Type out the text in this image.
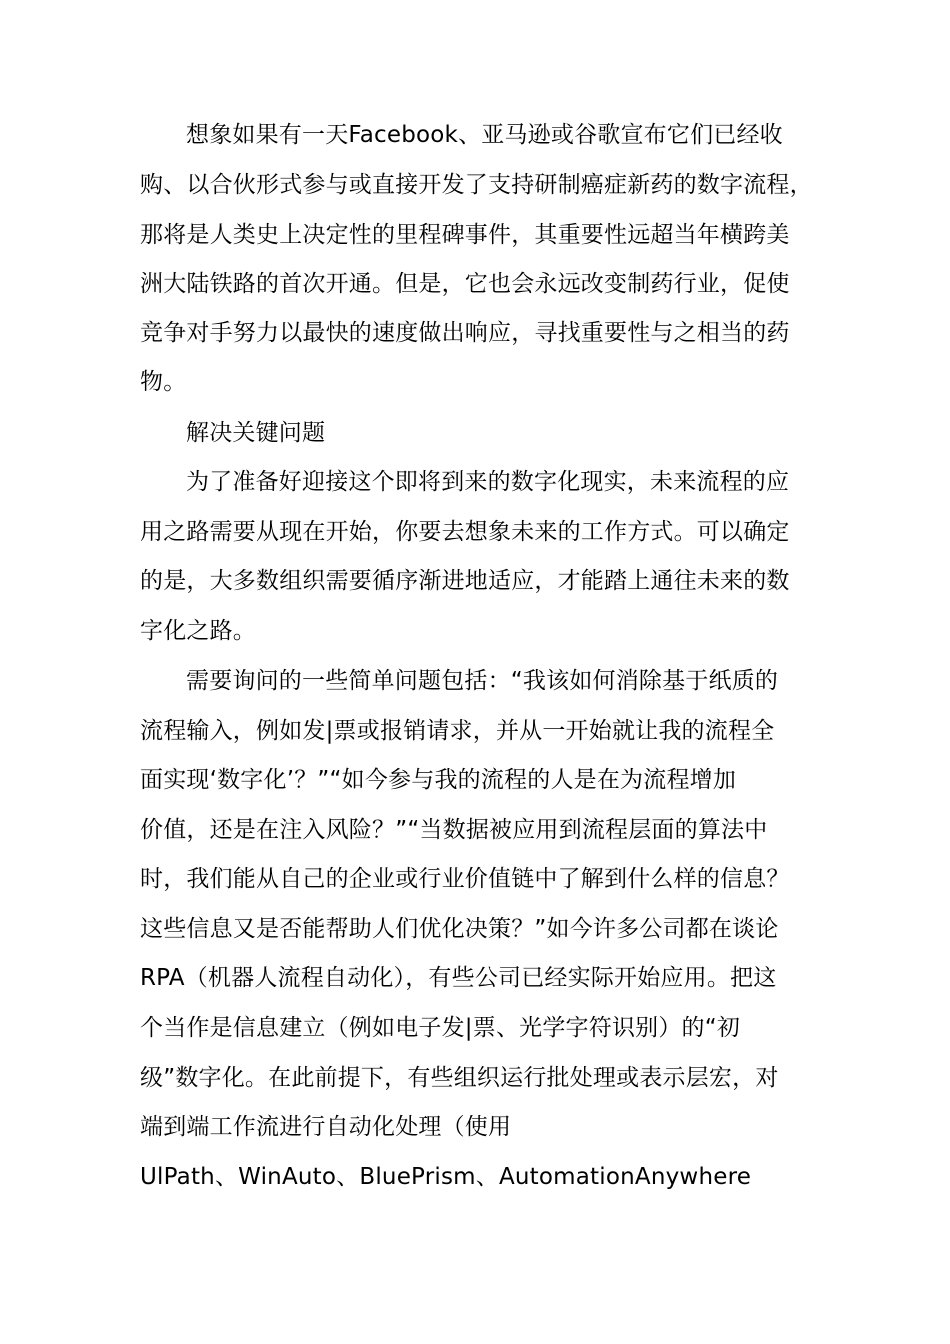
想象如果有一天Facebook、亚马逊或谷歌宣布它们已经收

购、以合伙形式参与或直接开发了支持研制癌症新药的数字流程，

那将是人类史上决定性的里程碑事件，其重要性远超当年横跨美

洲大陆铁路的首次开通。但是，它也会永远改变制药行业，促使

竞争对手努力以最快的速度做出响应，寻找重要性与之相当的药

物。

解决关键问题

为了准备好迎接这个即将到来的数字化现实，未来流程的应

用之路需要从现在开始，你要去想象未来的工作方式。可以确定

的是，大多数组织需要循序渐进地适应，才能踏上通往未来的数

字化之路。

需要询问的一些简单问题包括：“我该如何消除基于纸质的

流程输入，例如发|票或报销请求，并从一开始就让我的流程全

面实现‘数字化’？”“如今参与我的流程的人是在为流程增加

价值，还是在注入风险？”“当数据被应用到流程层面的算法中

时，我们能从自己的企业或行业价值链中了解到什么样的信息？

这些信息又是否能帮助人们优化决策？”如今许多公司都在谈论

RPA（机器人流程自动化），有些公司已经实际开始应用。把这

个当作是信息建立（例如电子发|票、光学字符识别）的“初

级”数字化。在此前提下，有些组织运行批处理或表示层宏，对

端到端工作流进行自动化处理（使用

UlPath、WinAuto、BluePrism、AutomationAnywhere
